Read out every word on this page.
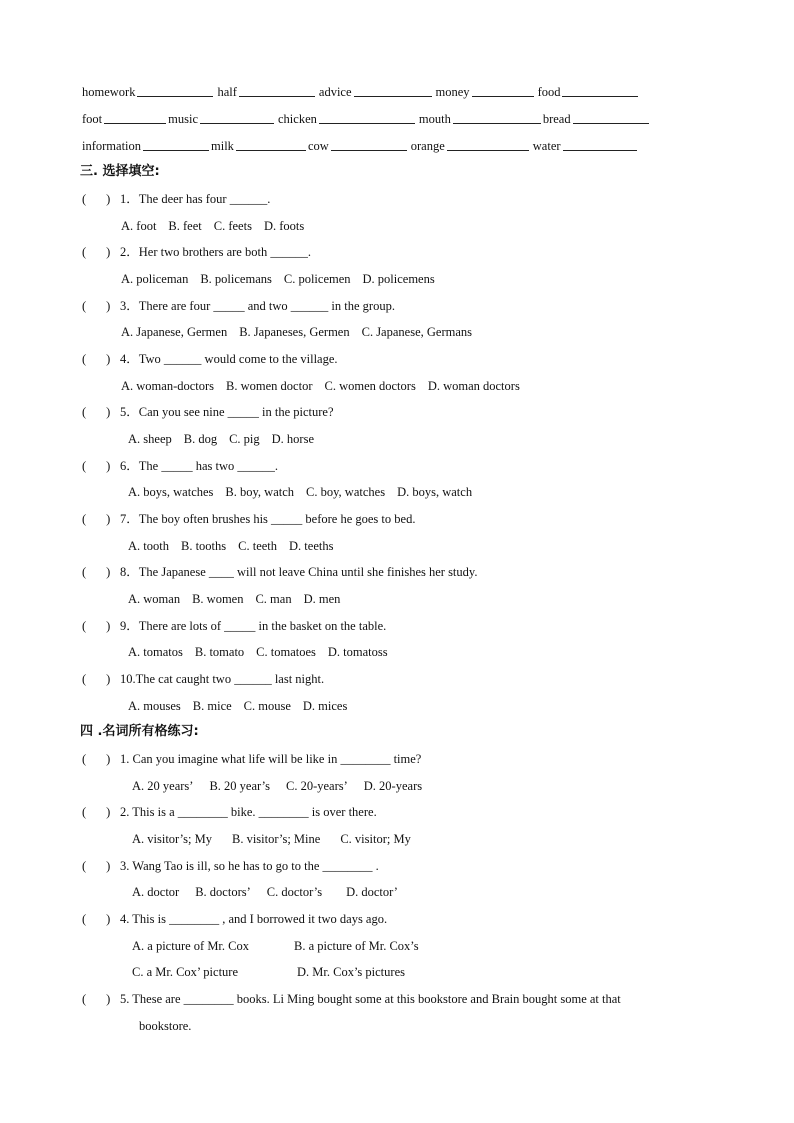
homework	half	advice	money	food
foot	music	chicken	mouth	bread
information	milk	cow	orange	water
三. 选择填空:
( ) 1．The deer has four ______.
A. foot B. feet C. feets D. foots
( ) 2．Her two brothers are both ______.
A. policeman B. policemans C. policemen D. policemens
( ) 3．There are four _____ and two ______ in the group.
A. Japanese, Germen B. Japaneses, Germen C. Japanese, Germans
( ) 4．Two ______ would come to the village.
A. woman-doctors B. women doctor C. women doctors D. woman doctors
( ) 5．Can you see nine _____ in the picture?
A. sheep B. dog C. pig D. horse
( ) 6．The _____ has two ______.
A. boys, watches B. boy, watch C. boy, watches D. boys, watch
( ) 7．The boy often brushes his _____ before he goes to bed.
A. tooth B. tooths C. teeth D. teeths
( ) 8．The Japanese ____ will not leave China until she finishes her study.
A. woman B. women C. man D. men
( ) 9．There are lots of _____ in the basket on the table.
A. tomatos B. tomato C. tomatoes D. tomatoss
( ) 10.The cat caught two ______ last night.
A. mouses B. mice C. mouse D. mices
四 .名词所有格练习:
( ) 1. Can you imagine what life will be like in ________ time?
A. 20 years’ B. 20 year’s C. 20-years’ D. 20-years
( ) 2. This is a ________ bike. ________ is over there.
A. visitor’s; My B. visitor’s; Mine C. visitor; My
( ) 3. Wang Tao is ill, so he has to go to the ________ .
A. doctor B. doctors’ C. doctor’s D. doctor’
( ) 4. This is ________ , and I borrowed it two days ago.
A. a picture of Mr. Cox	B. a picture of Mr. Cox’s
C. a Mr. Cox’ picture	D. Mr. Cox’s pictures
( ) 5. These are ________ books. Li Ming bought some at this bookstore and Brain bought some at that
bookstore.
